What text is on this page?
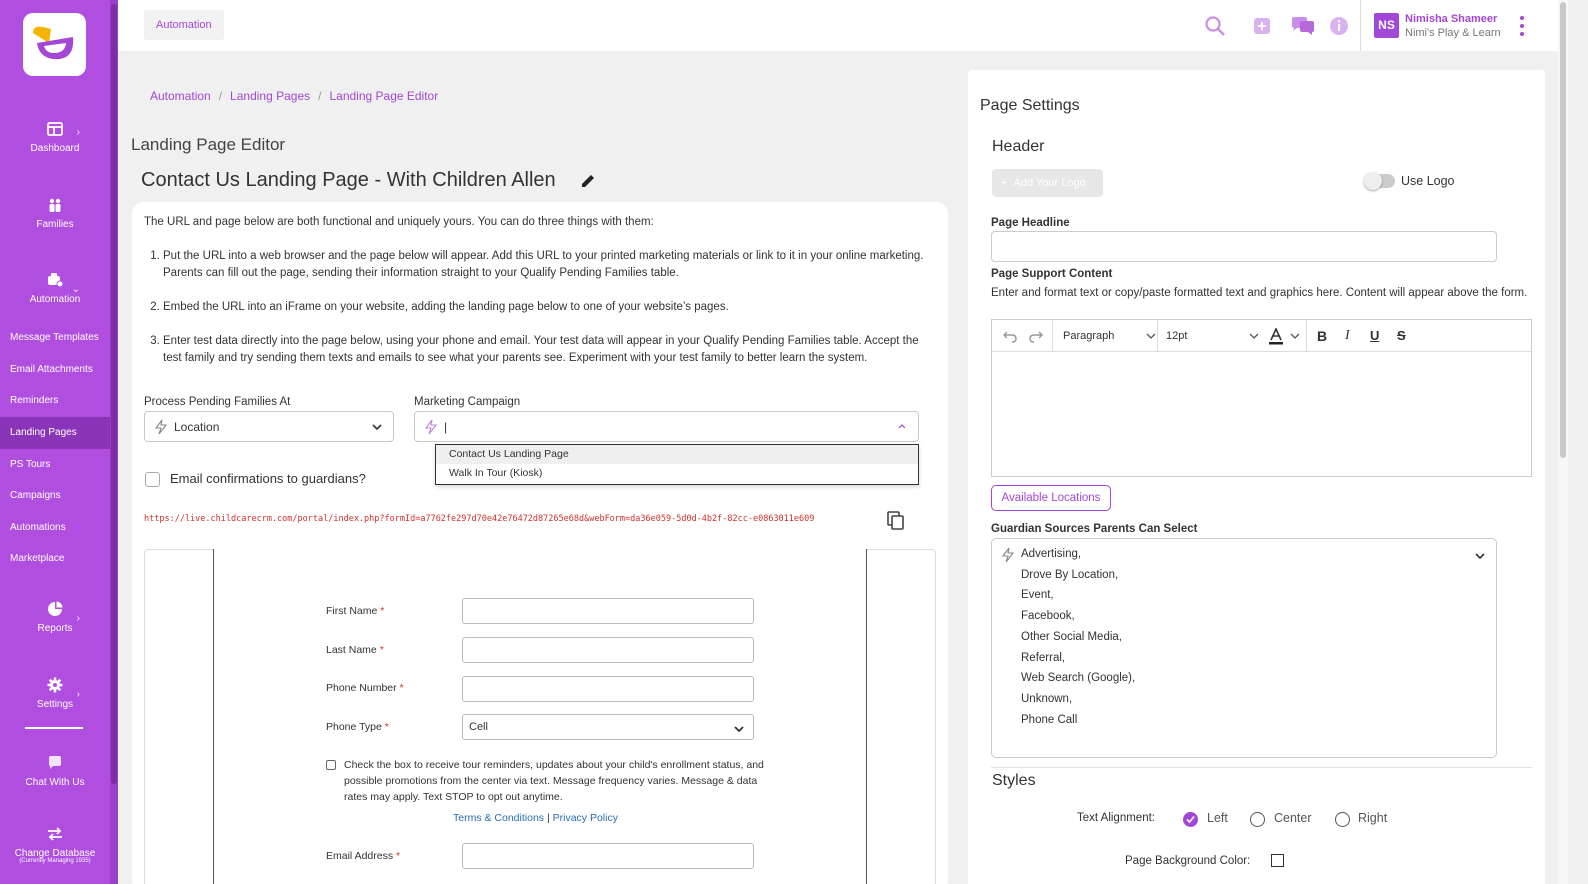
›
Dashboard
Families
⌄
Automation
Message Templates
Email Attachments
Reminders
Landing Pages
PS Tours
Campaigns
Automations
Marketplace
›
Reports
›
Settings
Chat With Us
Change Database
(Currently Managing 1935)
Automation	NS Nimisha Shameer
Nimi's Play & Learn
Automation / Landing Pages / Landing Page Editor
Landing Page Editor
Contact Us Landing Page - With Children Allen

The URL and page below are both functional and uniquely yours. You can do three things with them:

1. Put the URL into a web browser and the page below will appear. Add this URL to your printed marketing materials or link to it in your online marketing. Parents can fill out the page, sending their information straight to your Qualify Pending Families table.
2. Embed the URL into an iFrame on your website, adding the landing page below to one of your website’s pages.
3. Enter test data directly into the page below, using your phone and email. Your test data will appear in your Qualify Pending Families table. Accept the test family and try sending them texts and emails to see what your parents see. Experiment with your test family to better learn the system.
Process Pending Families At
Location
Marketing Campaign
|
Contact Us Landing Page
Walk In Tour (Kiosk)
Email confirmations to guardians?
https://live.childcarecrm.com/portal/index.php?formId=a7762fe297d70e42e76472d87265e68d&webForm=da36e059-5d0d-4b2f-82cc-e0863011e609
First Name *
Last Name *
Phone Number *
Phone Type *	Cell
Check the box to receive tour reminders, updates about your child's enrollment status, and possible promotions from the center via text. Message frequency varies. Message & data rates may apply. Text STOP to opt out anytime.
Terms & Conditions | Privacy Policy
Email Address *
Page Settings
Header
+  Add Your Logo	Use Logo
Page Headline
Page Support Content
Enter and format text or copy/paste formatted text and graphics here. Content will appear above the form.
Paragraph	12pt	B I U S
Available Locations
Guardian Sources Parents Can Select
Advertising,
Drove By Location,
Event,
Facebook,
Other Social Media,
Referral,
Web Search (Google),
Unknown,
Phone Call
Styles
Text Alignment:	Left	Center	Right
Page Background Color:
